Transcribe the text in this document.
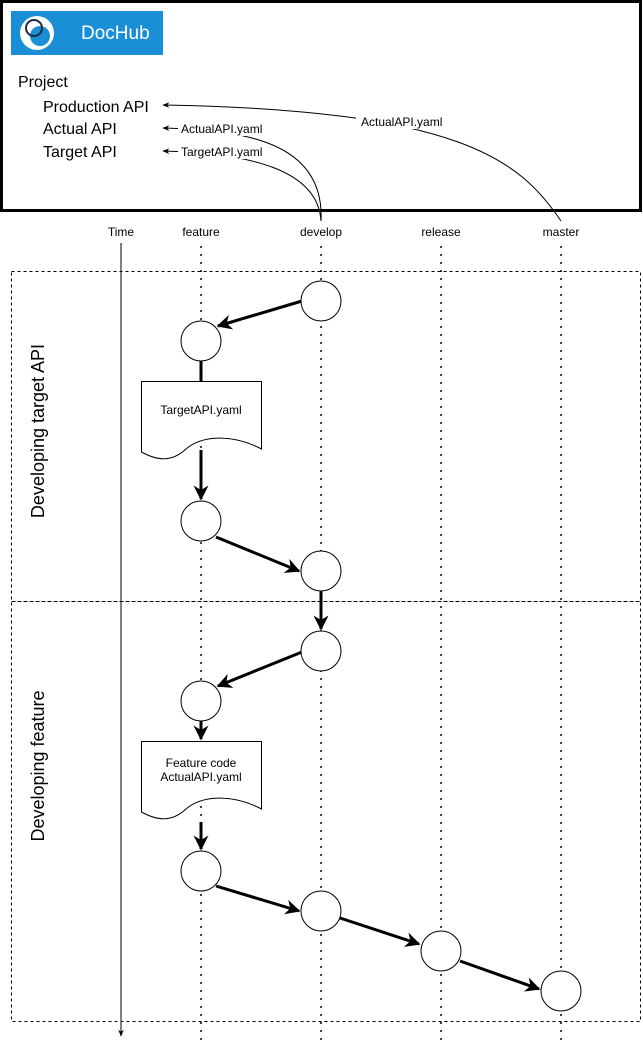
DocHub
Project
Production API
Actual API
Target API
ActualAPI.yaml
ActualAPI.yaml
TargetAPI.yaml
Time	feature	develop	release	master
Developing target API
Developing feature
TargetAPI.yaml
Feature code
ActualAPI.yaml
